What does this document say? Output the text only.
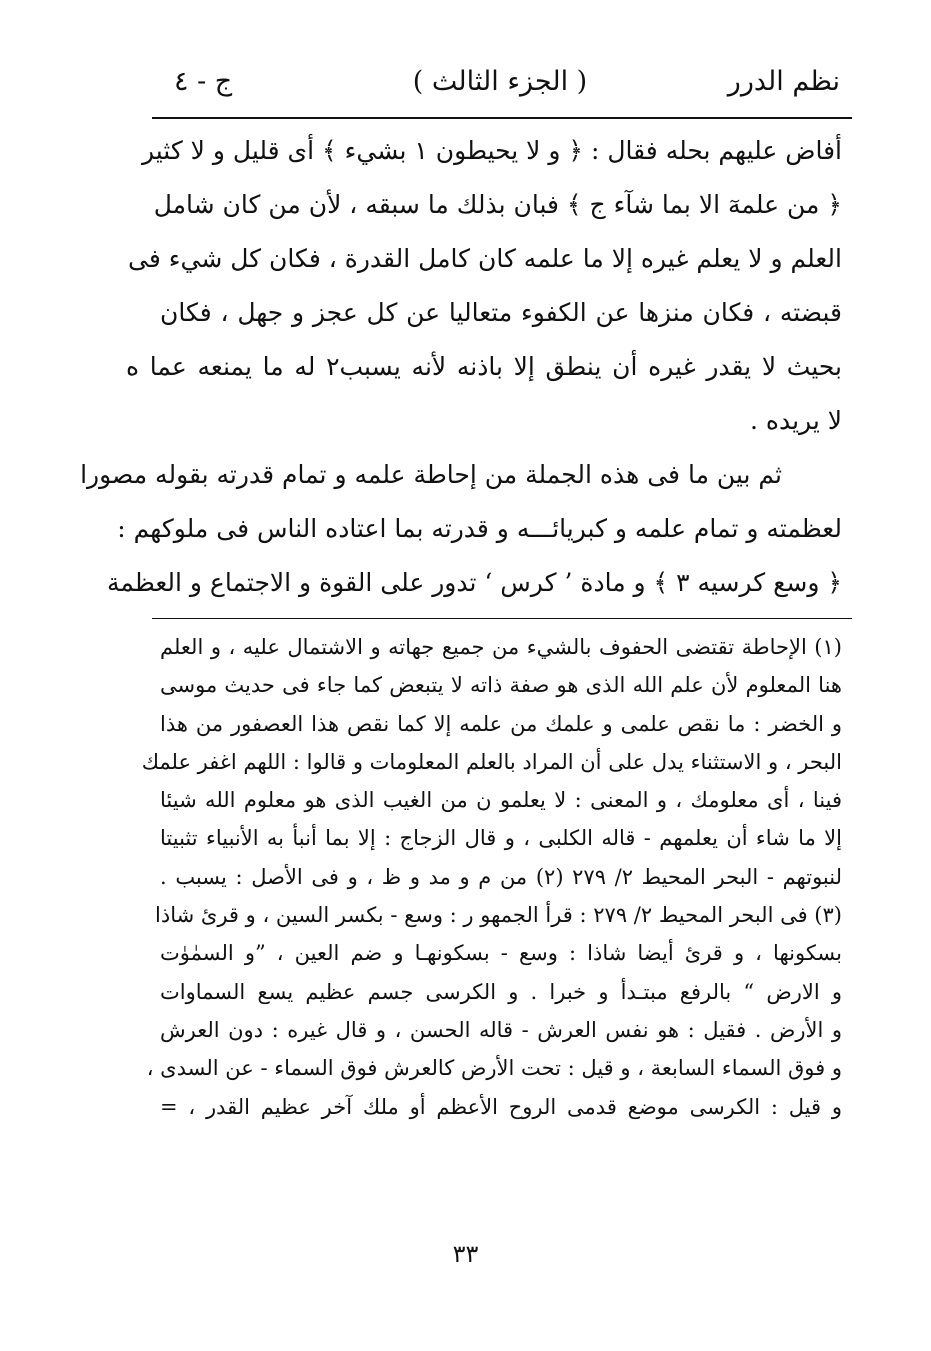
نظم الدرر
( الجزء الثالث )
ج - ٤
أفاض عليهم بحله فقال : ﴿ و لا يحيطون ١ بشيء ﴾ أى قليل و لا كثير
﴿ من علمهٓ الا بما شآء ج ﴾ فبان بذلك ما سبقه ، لأن من كان شامل
العلم و لا يعلم غيره إلا ما علمه كان كامل القدرة ، فكان كل شيء فى
قبضته ، فكان منزها عن الكفوء متعاليا عن كل عجز و جهل ، فكان
بحيث لا يقدر غيره أن ينطق إلا باذنه لأنه يسبب٢ له ما يمنعه عما ه
لا يريده .
ثم بين ما فى هذه الجملة من إحاطة علمه و تمام قدرته بقوله مصورا
لعظمته و تمام علمه و كبريائـــه و قدرته بما اعتاده الناس فى ملوكهم :
﴿ وسع كرسيه ٣ ﴾ و مادة ’ كرس ‘ تدور على القوة و الاجتماع و العظمة
(١) الإحاطة تقتضى الحفوف بالشيء من جميع جهاته و الاشتمال عليه ، و العلم
هنا المعلوم لأن علم الله الذى هو صفة ذاته لا يتبعض كما جاء فى حديث موسى
و الخضر : ما نقص علمى و علمك من علمه إلا كما نقص هذا العصفور من هذا
البحر ، و الاستثناء يدل على أن المراد بالعلم المعلومات و قالوا : اللهم اغفر علمك
فينا ، أى معلومك ، و المعنى : لا يعلمو ن من الغيب الذى هو معلوم الله شيئا
إلا ما شاء أن يعلمهم - قاله الكلبى ، و قال الزجاج : إلا بما أنبأ به الأنبياء تثبيتا
لنبوتهم - البحر المحيط ٢/ ٢٧٩ (٢) من م و مد و ظ ، و فى الأصل : يسبب .
(٣) فى البحر المحيط ٢/ ٢٧٩ : قرأ الجمهو ر : وسع - بكسر السين ، و قرئ شاذا
بسكونها ، و قرئ أيضا شاذا : وسع - بسكونهـا و ضم العين ، ”و السمٰوٰت
و الارض “ بالرفع مبتـدأ و خبرا . و الكرسى جسم عظيم يسع السماوات
و الأرض . فقيل : هو نفس العرش - قاله الحسن ، و قال غيره : دون العرش
و فوق السماء السابعة ، و قيل : تحت الأرض كالعرش فوق السماء - عن السدى ،
و قيل : الكرسى موضع قدمى الروح الأعظم أو ملك آخر عظيم القدر ، =
٣٣
